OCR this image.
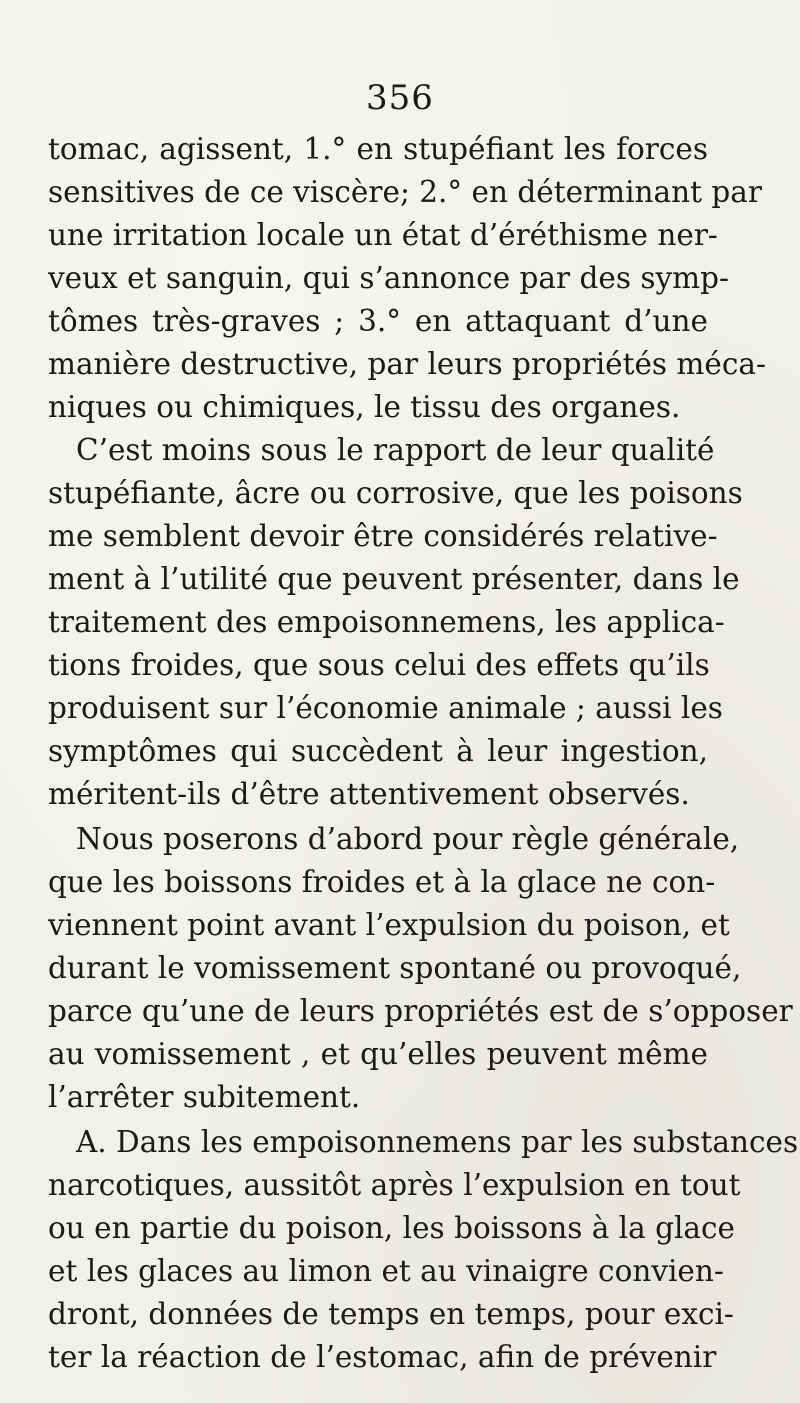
356
tomac, agissent, 1.° en stupéfiant les forces
sensitives de ce viscère; 2.° en déterminant par
une irritation locale un état d’éréthisme ner-
veux et sanguin, qui s’annonce par des symp-
tômes très-graves ; 3.° en attaquant d’une
manière destructive, par leurs propriétés méca-
niques ou chimiques, le tissu des organes.
C’est moins sous le rapport de leur qualité
stupéfiante, âcre ou corrosive, que les poisons
me semblent devoir être considérés relative-
ment à l’utilité que peuvent présenter, dans le
traitement des empoisonnemens, les applica-
tions froides, que sous celui des effets qu’ils
produisent sur l’économie animale ; aussi les
symptômes qui succèdent à leur ingestion,
méritent-ils d’être attentivement observés.
Nous poserons d’abord pour règle générale,
que les boissons froides et à la glace ne con-
viennent point avant l’expulsion du poison, et
durant le vomissement spontané ou provoqué,
parce qu’une de leurs propriétés est de s’opposer
au vomissement , et qu’elles peuvent même
l’arrêter subitement.
A. Dans les empoisonnemens par les substances
narcotiques, aussitôt après l’expulsion en tout
ou en partie du poison, les boissons à la glace
et les glaces au limon et au vinaigre convien-
dront, données de temps en temps, pour exci-
ter la réaction de l’estomac, afin de prévenir
